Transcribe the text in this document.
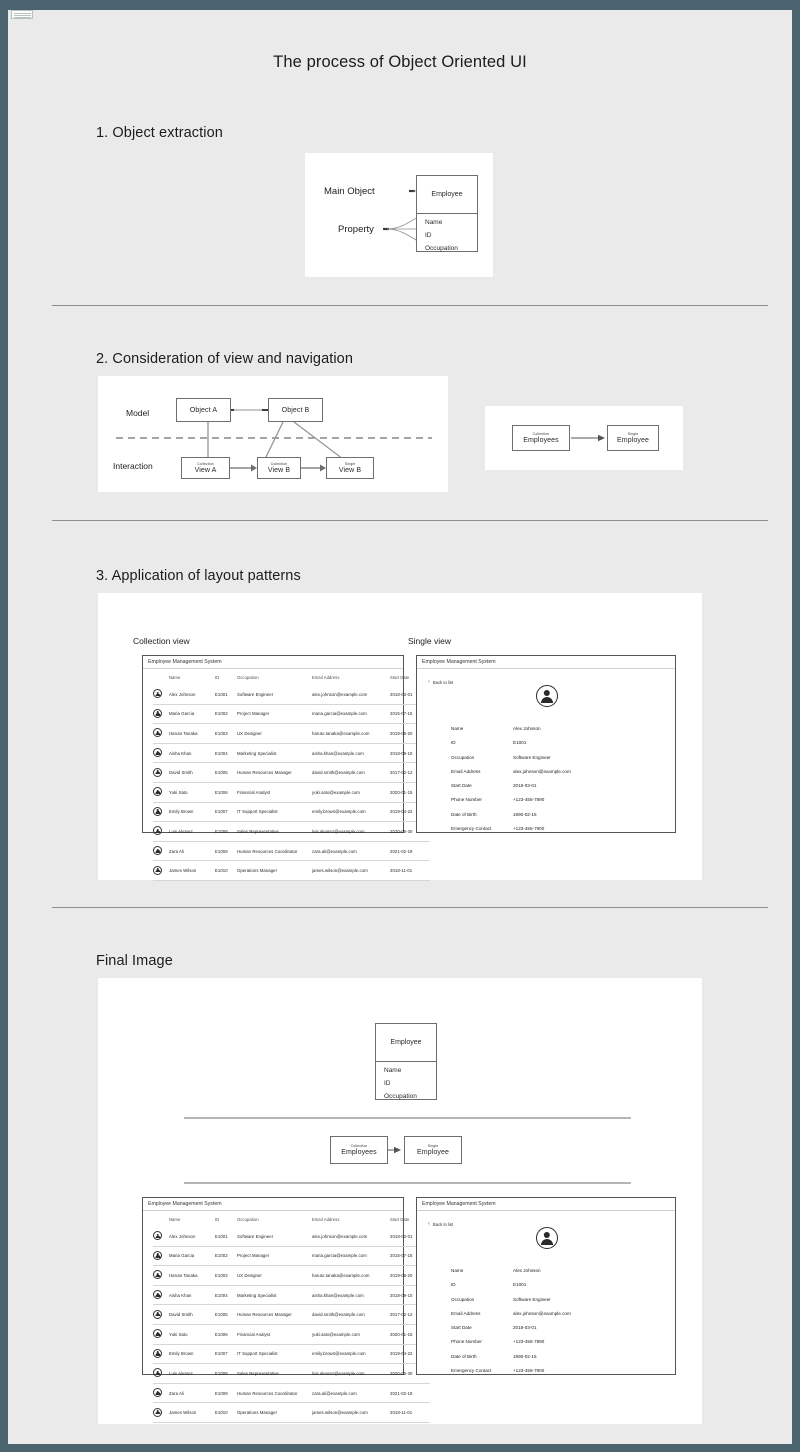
The process of Object Oriented UI
1. Object extraction
Main Object
Property
Employee
Name
ID
Occupation
2. Consideration of view and navigation
Model
Interaction
Object A	Object B
Collection
View A
Collection
View B
Single
View B
Collection
Employees
Single
Employee
3. Application of layout patterns
Collection view	Single view
Employee Management System
	Name	ID	Occupation	Email Address	Start Date
	Alex Johnson	E1001	Software Engineer	alex.johnson@example.com	2018-03-01
	Maria Garcia	E1002	Project Manager	maria.garcia@example.com	2015-07-15
	Haruto Tanaka	E1003	UX Designer	haruto.tanaka@example.com	2019-06-20
	Aisha Khan	E1004	Marketing Specialist	aisha.khan@example.com	2018-09-10
	David Smith	E1005	Human Resources Manager	david.smith@example.com	2017-02-12
	Yuki Sato	E1006	Financial Analyst	yuki.sato@example.com	2020-01-15
	Emily Brown	E1007	IT Support Specialist	emily.brown@example.com	2019-04-22
	Luis Alvarez	E1008	Sales Representative	luis.alvarez@example.com	2020-05-30
	Zara Ali	E1009	Human Resources Coordinator	zara.ali@example.com	2021-02-19
	James Wilson	E1010	Operations Manager	james.wilson@example.com	2018-11-01
Employee Management System
‹ Back to list
Name	Alex Johnson
ID	E1001
Occupation	Software Engineer
Email Address	alex.johnson@example.com
Start Date	2018-03-01
Phone Number	+123-456-7890
Date of Birth	1990-02-15
Emergency Contact	+123-456-7900
Final Image
Employee
Name
ID
Occupation
Collection
Employees
Single
Employee
Employee Management System
	Name	ID	Occupation	Email Address	Start Date
	Alex Johnson	E1001	Software Engineer	alex.johnson@example.com	2018-03-01
	Maria Garcia	E1002	Project Manager	maria.garcia@example.com	2015-07-15
	Haruto Tanaka	E1003	UX Designer	haruto.tanaka@example.com	2019-06-20
	Aisha Khan	E1004	Marketing Specialist	aisha.khan@example.com	2018-09-10
	David Smith	E1005	Human Resources Manager	david.smith@example.com	2017-02-12
	Yuki Sato	E1006	Financial Analyst	yuki.sato@example.com	2020-01-15
	Emily Brown	E1007	IT Support Specialist	emily.brown@example.com	2019-04-22
	Luis Alvarez	E1008	Sales Representative	luis.alvarez@example.com	2020-05-30
	Zara Ali	E1009	Human Resources Coordinator	zara.ali@example.com	2021-02-19
	James Wilson	E1010	Operations Manager	james.wilson@example.com	2018-11-01
Employee Management System
‹ Back to list
Name	Alex Johnson
ID	E1001
Occupation	Software Engineer
Email Address	alex.johnson@example.com
Start Date	2018-03-01
Phone Number	+123-456-7890
Date of Birth	1990-02-15
Emergency Contact	+123-456-7900
